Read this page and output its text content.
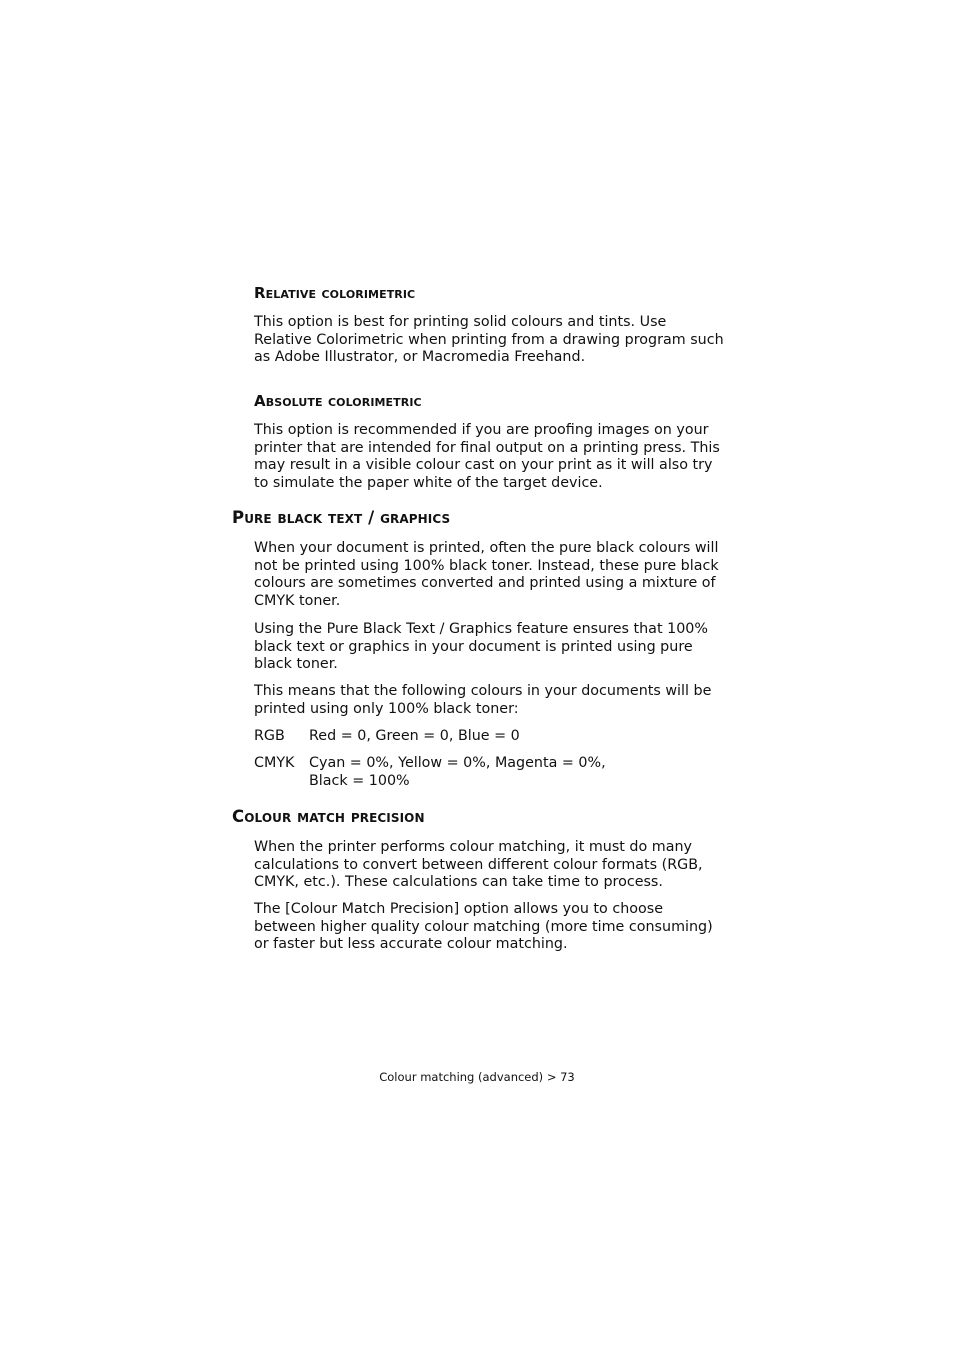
Relative colorimetric

This option is best for printing solid colours and tints. Use Relative Colorimetric when printing from a drawing program such as Adobe Illustrator, or Macromedia Freehand.

Absolute colorimetric

This option is recommended if you are proofing images on your printer that are intended for final output on a printing press. This may result in a visible colour cast on your print as it will also try to simulate the paper white of the target device.

Pure black text / graphics

When your document is printed, often the pure black colours will not be printed using 100% black toner. Instead, these pure black colours are sometimes converted and printed using a mixture of CMYK toner.

Using the Pure Black Text / Graphics feature ensures that 100% black text or graphics in your document is printed using pure black toner.

This means that the following colours in your documents will be printed using only 100% black toner:

RGB Red = 0, Green = 0, Blue = 0
CMYK Cyan = 0%, Yellow = 0%, Magenta = 0%, Black = 100%
Colour match precision

When the printer performs colour matching, it must do many calculations to convert between different colour formats (RGB, CMYK, etc.). These calculations can take time to process.

The [Colour Match Precision] option allows you to choose between higher quality colour matching (more time consuming) or faster but less accurate colour matching.

Colour matching (advanced) > 73
